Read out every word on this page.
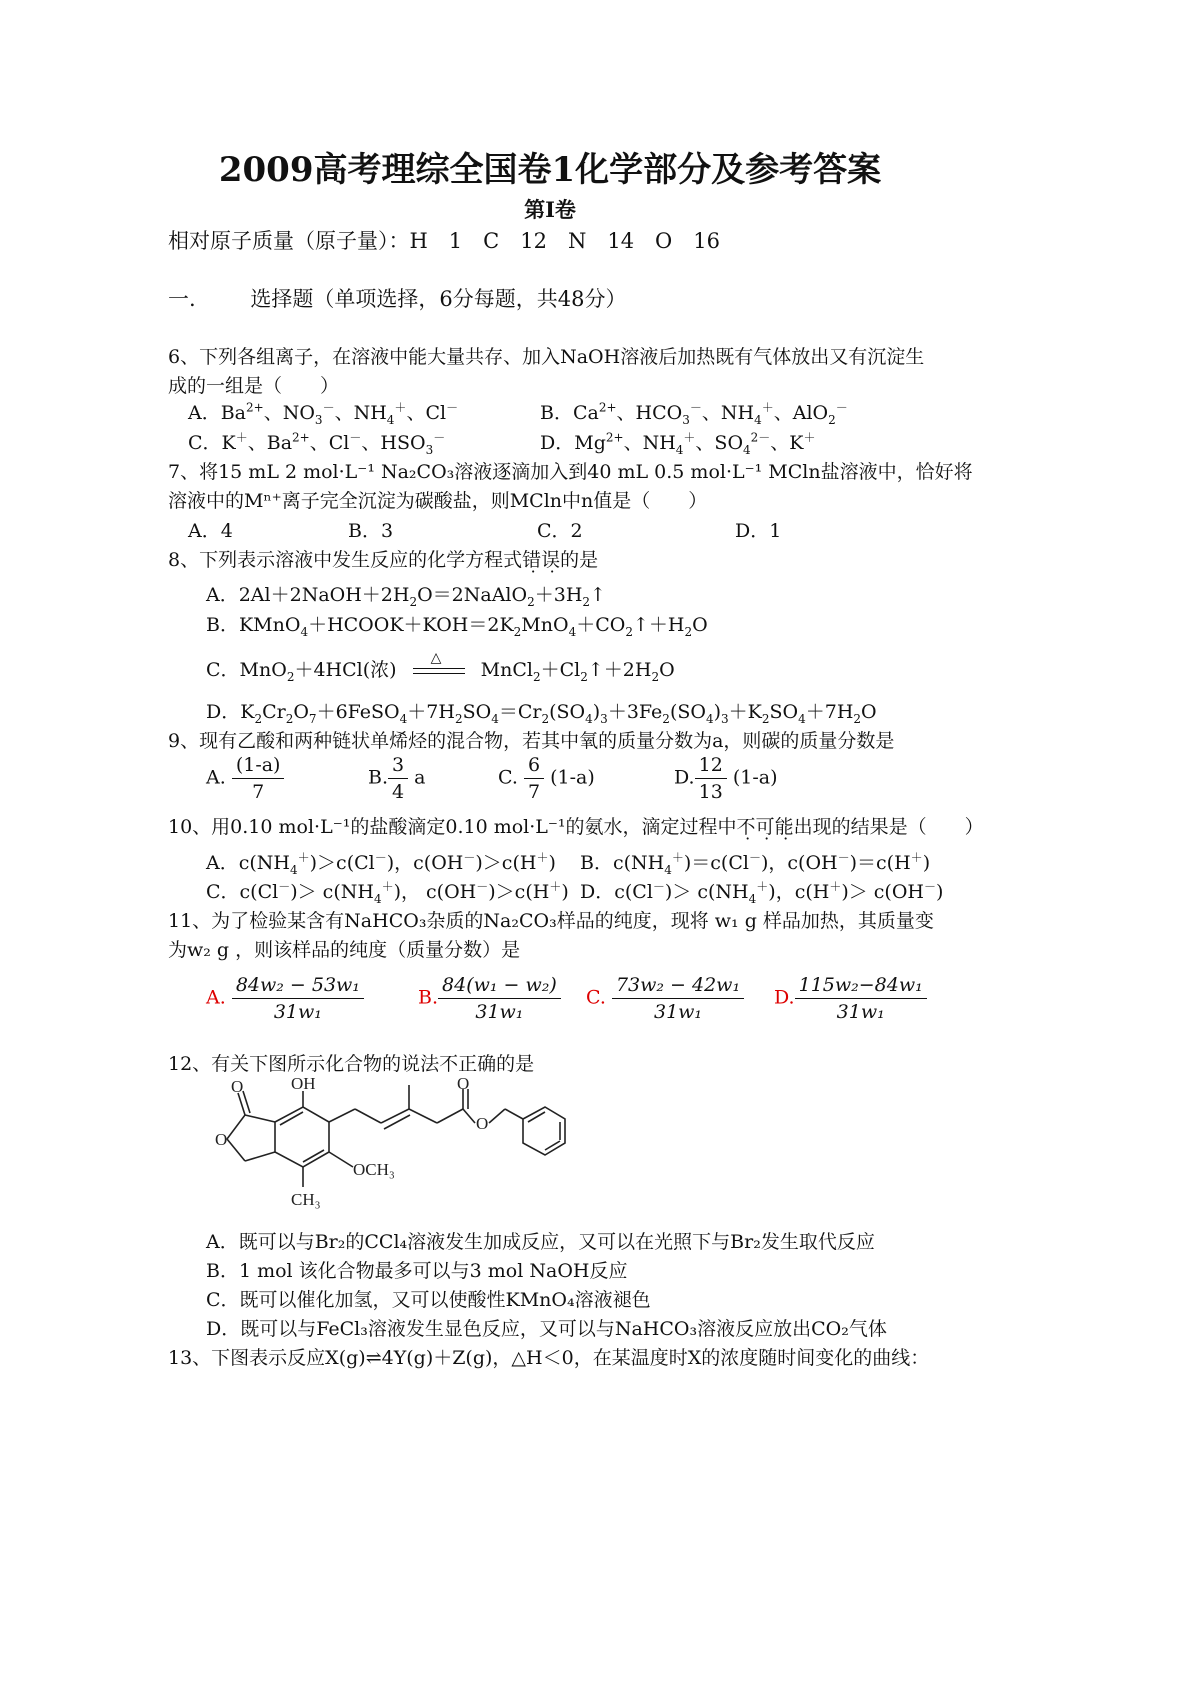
2009高考理综全国卷1化学部分及参考答案
第Ⅰ卷
相对原子质量（原子量）：H　1　C　12　N　14　O　16
一.	选择题（单项选择，6分每题，共48分）
6、下列各组离子，在溶液中能大量共存、加入NaOH溶液后加热既有气体放出又有沉淀生
成的一组是（　　）
A．$Ba^{2+}$、$NO_3^-$、$NH_4^+$、Cl－	B．$Ca^{2+}$、$HCO_3^-$、$NH_4^+$、AlO$_2$－
C．K＋、$Ba^{2+}$、Cl－、$HSO_3^-$	D．$Mg^{2+}$、$NH_4^+$、$SO_4^{2-}$、K＋
7、将15 mL 2 mol·L⁻¹ Na₂CO₃溶液逐滴加入到40 mL 0.5 mol·L⁻¹ MCln盐溶液中，恰好将
溶液中的Mⁿ⁺离子完全沉淀为碳酸盐，则MCln中n值是（　　）
A．4	B．3	C．2	D．1
8、下列表示溶液中发生反应的化学方程式错误的是
A．$2Al+2NaOH+2H_2O=2NaAlO_2+3H_2↑$
B．$KMnO_4+HCOOK+KOH=2K_2MnO_4+CO_2↑+H_2O$
C．MnO$_2$＋4HCl(浓)
△
$MnCl_2+Cl_2↑+2H_2O$
D．$K_2Cr_2O_7+6FeSO_4+7H_2SO_4=Cr_2(SO_4)_3+3Fe_2(SO_4)_3+K_2SO_4+7H_2O$
9、现有乙酸和两种链状单烯烃的混合物，若其中氧的质量分数为a，则碳的质量分数是
A. $\frac{(1-a)}{7}$	B. $\frac{3}{4}$ a	C. $\frac{6}{7} (1-a)$	D. $\frac{12}{13} (1-a)$
10、用0.10 mol·L⁻¹的盐酸滴定0.10 mol·L⁻¹的氨水，滴定过程中不可能出现的结果是（　　）
A．$c(NH_4^+)>c(Cl^-)$，c(OH－)＞c(H＋) B．$c(NH_4^+)=c(Cl^-)$，c(OH－)＝c(H＋)
C．$c(Cl^-)> c(NH_4^+)$， c(OH－)＞c(H＋) D．$c(Cl^-)> c(NH_4^+)$，c(H＋)＞ c(OH－)
11、为了检验某含有NaHCO₃杂质的Na₂CO₃样品的纯度，现将 w₁ g 样品加热，其质量变
为w₂ g ，则该样品的纯度（质量分数）是
A. $\frac{\text{84w₂ − 53w₁}}{\text{31w₁}}$	B. $\frac{\text{84(w₁ − w₂)}}{\text{31w₁}} C$. $\frac{\text{73w₂ − 42w₁}}{\text{31w₁}} D$. $\frac{\text{115w₂−84w₁}}{\text{31w₁}}$
12、有关下图所示化合物的说法不正确的是
OH
O
O
OCH₃
CH₃
O
O
A．既可以与Br₂的CCl₄溶液发生加成反应，又可以在光照下与Br₂发生取代反应
B．1 mol 该化合物最多可以与3 mol NaOH反应
C．既可以催化加氢，又可以使酸性KMnO₄溶液褪色
D．既可以与FeCl₃溶液发生显色反应，又可以与NaHCO₃溶液反应放出CO₂气体
13、下图表示反应X(g)⇌4Y(g)＋Z(g)，△H＜0，在某温度时X的浓度随时间变化的曲线：
